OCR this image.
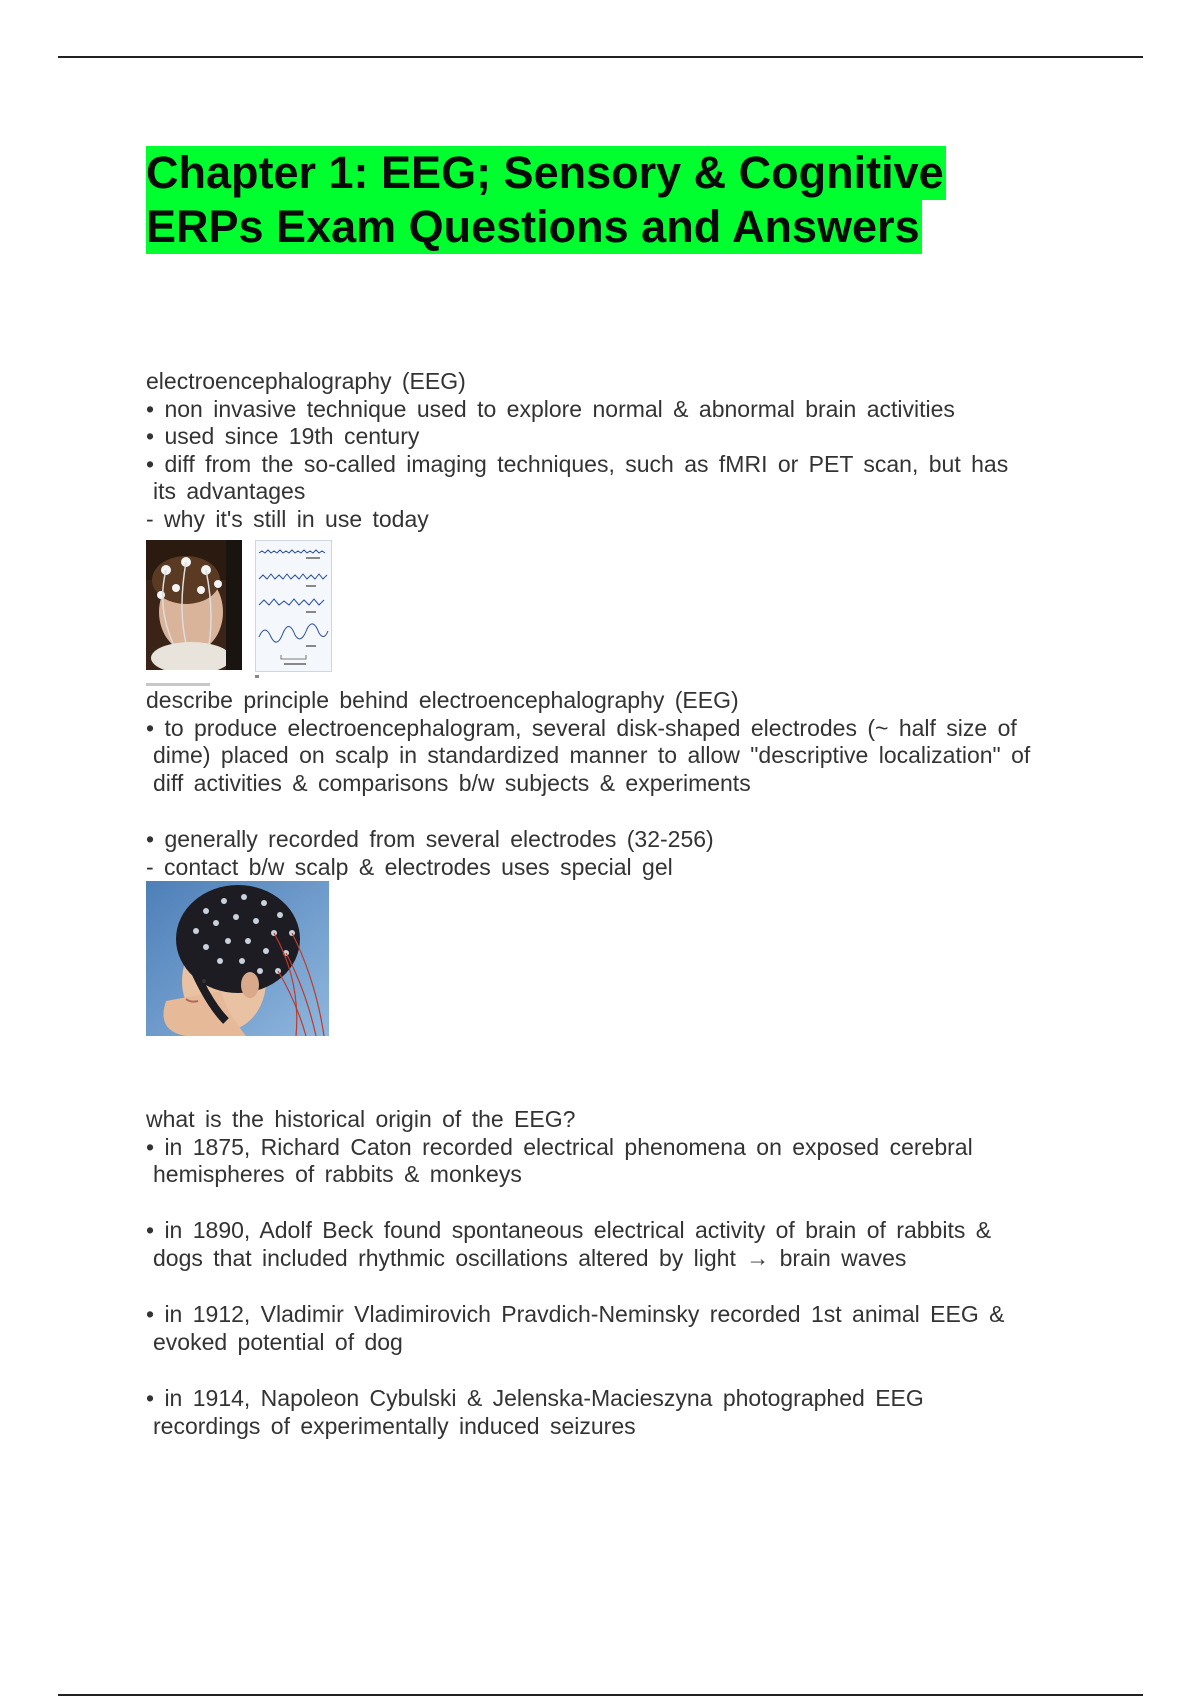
Chapter 1: EEG; Sensory & Cognitive
ERPs Exam Questions and Answers
electroencephalography (EEG)
• non invasive technique used to explore normal & abnormal brain activities
• used since 19th century
• diff from the so-called imaging techniques, such as fMRI or PET scan, but has
its advantages
- why it's still in use today
describe principle behind electroencephalography (EEG)
• to produce electroencephalogram, several disk-shaped electrodes (~ half size of
dime) placed on scalp in standardized manner to allow "descriptive localization" of
diff activities & comparisons b/w subjects & experiments
• generally recorded from several electrodes (32-256)
- contact b/w scalp & electrodes uses special gel
what is the historical origin of the EEG?
• in 1875, Richard Caton recorded electrical phenomena on exposed cerebral
hemispheres of rabbits & monkeys
• in 1890, Adolf Beck found spontaneous electrical activity of brain of rabbits &
dogs that included rhythmic oscillations altered by light → brain waves
• in 1912, Vladimir Vladimirovich Pravdich-Neminsky recorded 1st animal EEG &
evoked potential of dog
• in 1914, Napoleon Cybulski & Jelenska-Macieszyna photographed EEG
recordings of experimentally induced seizures
